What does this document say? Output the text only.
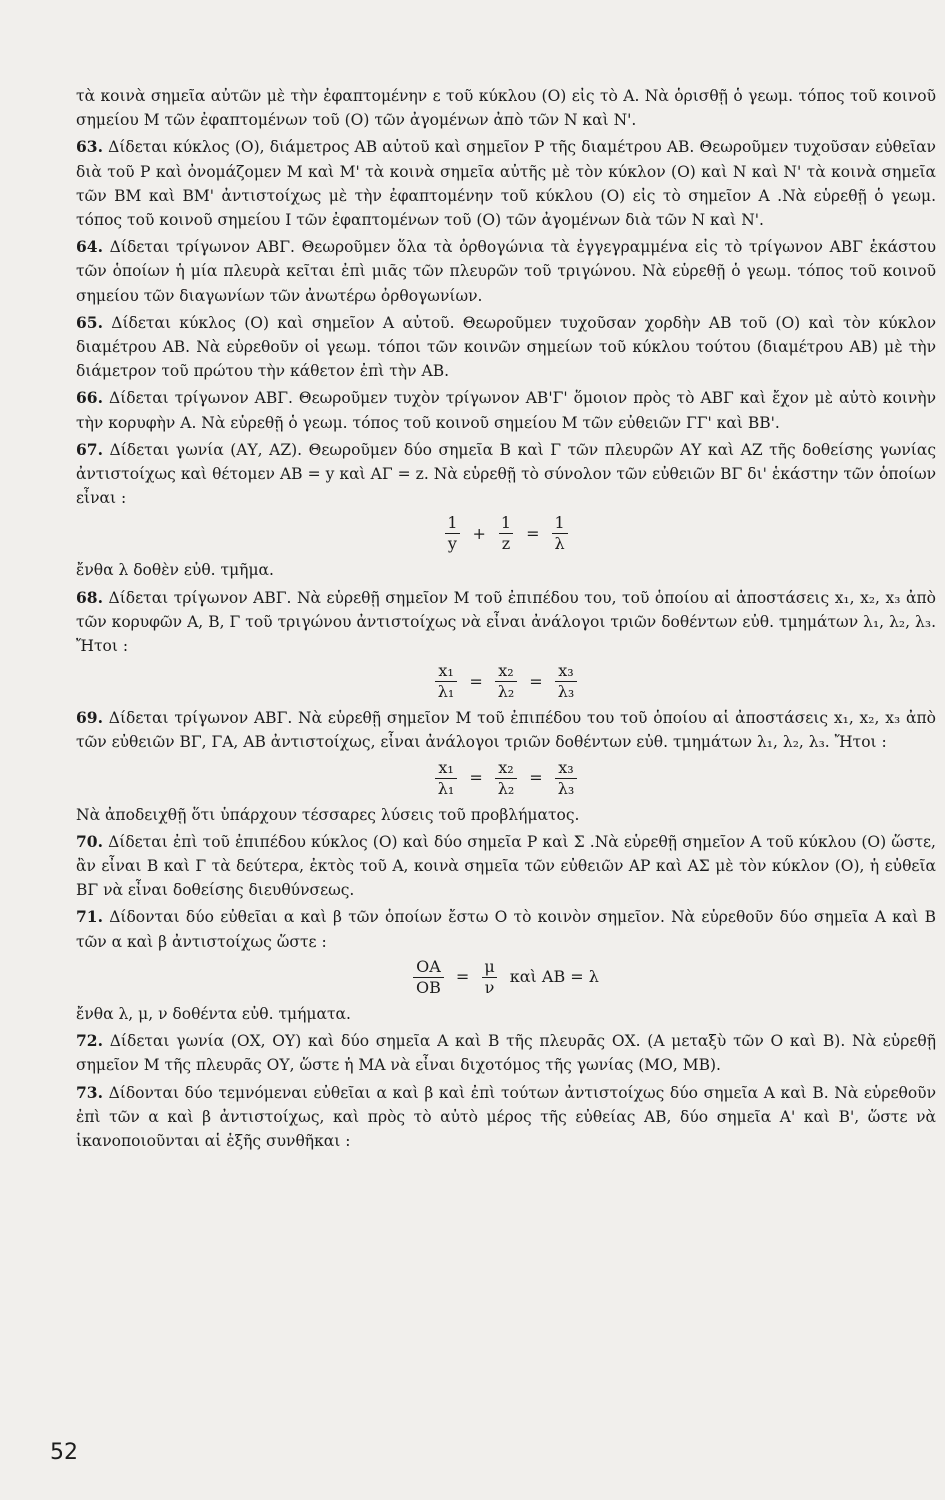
τὰ κοινὰ σημεῖα αὐτῶν μὲ τὴν ἐφαπτομένην ε τοῦ κύκλου (Ο) εἰς τὸ Α. Νὰ ὁρισθῇ ὁ γεωμ. τόπος τοῦ κοινοῦ σημείου Μ τῶν ἐφαπτομένων τοῦ (Ο) τῶν ἀγομένων ἀπὸ τῶν Ν καὶ Ν'.

63. Δίδεται κύκλος (Ο), διάμετρος ΑΒ αὐτοῦ καὶ σημεῖον Ρ τῆς διαμέτρου ΑΒ. Θεωροῦμεν τυχοῦσαν εὐθεῖαν διὰ τοῦ Ρ καὶ ὀνομάζομεν Μ καὶ Μ' τὰ κοινὰ σημεῖα αὐτῆς μὲ τὸν κύκλον (Ο) καὶ Ν καὶ Ν' τὰ κοινὰ σημεῖα τῶν ΒΜ καὶ ΒΜ' ἀντιστοίχως μὲ τὴν ἐφαπτομένην τοῦ κύκλου (Ο) εἰς τὸ σημεῖον Α .Νὰ εὑρεθῇ ὁ γεωμ. τόπος τοῦ κοινοῦ σημείου Ι τῶν ἐφαπτομένων τοῦ (Ο) τῶν ἀγομένων διὰ τῶν Ν καὶ Ν'.

64. Δίδεται τρίγωνον ΑΒΓ. Θεωροῦμεν ὅλα τὰ ὀρθογώνια τὰ ἐγγεγραμμένα εἰς τὸ τρίγωνον ΑΒΓ ἑκάστου τῶν ὁποίων ἡ μία πλευρὰ κεῖται ἐπὶ μιᾶς τῶν πλευρῶν τοῦ τριγώνου. Νὰ εὑρεθῇ ὁ γεωμ. τόπος τοῦ κοινοῦ σημείου τῶν διαγωνίων τῶν ἀνωτέρω ὀρθογωνίων.

65. Δίδεται κύκλος (Ο) καὶ σημεῖον Α αὐτοῦ. Θεωροῦμεν τυχοῦσαν χορδὴν ΑΒ τοῦ (Ο) καὶ τὸν κύκλον διαμέτρου ΑΒ. Νὰ εὑρεθοῦν οἱ γεωμ. τόποι τῶν κοινῶν σημείων τοῦ κύκλου τούτου (διαμέτρου ΑΒ) μὲ τὴν διάμετρον τοῦ πρώτου τὴν κάθετον ἐπὶ τὴν ΑΒ.

66. Δίδεται τρίγωνον ΑΒΓ. Θεωροῦμεν τυχὸν τρίγωνον ΑΒ'Γ' ὅμοιον πρὸς τὸ ΑΒΓ καὶ ἔχον μὲ αὐτὸ κοινὴν τὴν κορυφὴν Α. Νὰ εὑρεθῇ ὁ γεωμ. τόπος τοῦ κοινοῦ σημείου Μ τῶν εὐθειῶν ΓΓ' καὶ ΒΒ'.

67. Δίδεται γωνία (ΑΥ, ΑΖ). Θεωροῦμεν δύο σημεῖα Β καὶ Γ τῶν πλευρῶν ΑΥ καὶ ΑΖ τῆς δοθείσης γωνίας ἀντιστοίχως καὶ θέτομεν ΑΒ = y καὶ ΑΓ = z. Νὰ εὑρεθῇ τὸ σύνολον τῶν εὐθειῶν ΒΓ δι' ἑκάστην τῶν ὁποίων εἶναι :

$\frac{1}{y} + \frac{1}{z} = \frac{1}{\lambda}$

ἔνθα λ δοθὲν εὐθ. τμῆμα.

68. Δίδεται τρίγωνον ΑΒΓ. Νὰ εὑρεθῇ σημεῖον Μ τοῦ ἐπιπέδου του, τοῦ ὁποίου αἱ ἀποστάσεις x₁, x₂, x₃ ἀπὸ τῶν κορυφῶν Α, Β, Γ τοῦ τριγώνου ἀντιστοίχως νὰ εἶναι ἀνάλογοι τριῶν δοθέντων εὐθ. τμημάτων λ₁, λ₂, λ₃. Ἤτοι :

$\frac{\text{x₁}}{\text{λ₁}} = \frac{\text{x₂}}{\text{λ₂}} = \frac{\text{x₃}}{\text{λ₃}}$

69. Δίδεται τρίγωνον ΑΒΓ. Νὰ εὑρεθῇ σημεῖον Μ τοῦ ἐπιπέδου του τοῦ ὁποίου αἱ ἀποστάσεις x₁, x₂, x₃ ἀπὸ τῶν εὐθειῶν ΒΓ, ΓΑ, ΑΒ ἀντιστοίχως, εἶναι ἀνάλογοι τριῶν δοθέντων εὐθ. τμημάτων λ₁, λ₂, λ₃. Ἤτοι :

$\frac{\text{x₁}}{\text{λ₁}} = \frac{\text{x₂}}{\text{λ₂}} = \frac{\text{x₃}}{\text{λ₃}}$

Νὰ ἀποδειχθῇ ὅτι ὑπάρχουν τέσσαρες λύσεις τοῦ προβλήματος.

70. Δίδεται ἐπὶ τοῦ ἐπιπέδου κύκλος (Ο) καὶ δύο σημεῖα Ρ καὶ Σ .Νὰ εὑρεθῇ σημεῖον Α τοῦ κύκλου (Ο) ὥστε, ἂν εἶναι Β καὶ Γ τὰ δεύτερα, ἐκτὸς τοῦ Α, κοινὰ σημεῖα τῶν εὐθειῶν ΑΡ καὶ ΑΣ μὲ τὸν κύκλον (Ο), ἡ εὐθεῖα ΒΓ νὰ εἶναι δοθείσης διευθύνσεως.

71. Δίδονται δύο εὐθεῖαι α καὶ β τῶν ὁποίων ἔστω Ο τὸ κοινὸν σημεῖον. Νὰ εὑρεθοῦν δύο σημεῖα Α καὶ Β τῶν α καὶ β ἀντιστοίχως ὥστε :

$\frac{OA}{OB} = \frac{\mu}{\nu}$ καὶ ΑΒ = λ

ἔνθα λ, μ, ν δοθέντα εὐθ. τμήματα.

72. Δίδεται γωνία (ΟΧ, ΟΥ) καὶ δύο σημεῖα Α καὶ Β τῆς πλευρᾶς ΟΧ. (Α μεταξὺ τῶν Ο καὶ Β). Νὰ εὑρεθῇ σημεῖον Μ τῆς πλευρᾶς ΟΥ, ὥστε ἡ ΜΑ νὰ εἶναι διχοτόμος τῆς γωνίας (ΜΟ, ΜΒ).

73. Δίδονται δύο τεμνόμεναι εὐθεῖαι α καὶ β καὶ ἐπὶ τούτων ἀντιστοίχως δύο σημεῖα Α καὶ Β. Νὰ εὑρεθοῦν ἐπὶ τῶν α καὶ β ἀντιστοίχως, καὶ πρὸς τὸ αὐτὸ μέρος τῆς εὐθείας ΑΒ, δύο σημεῖα Α' καὶ Β', ὥστε νὰ ἱκανοποιοῦνται αἱ ἑξῆς συνθῆκαι :

52
